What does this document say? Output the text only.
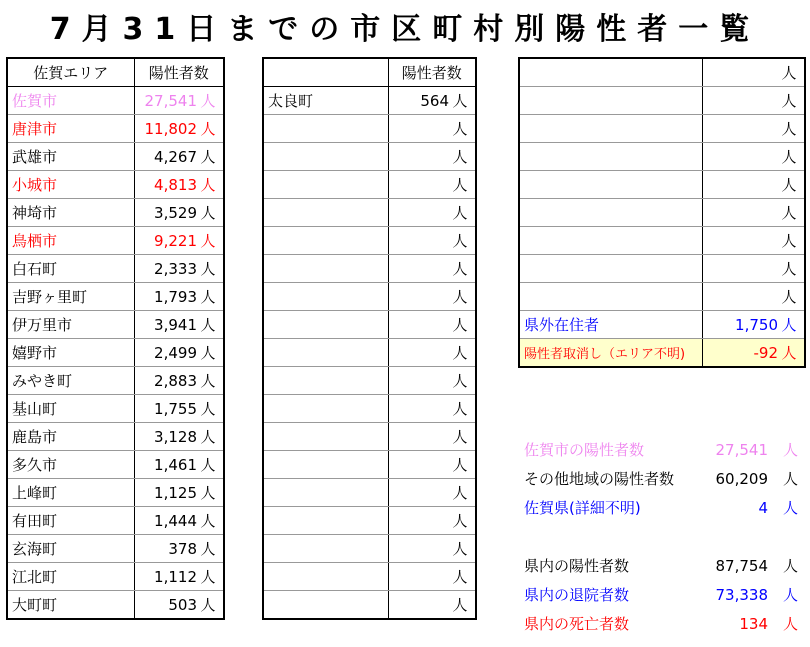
7月31日までの市区町村別陽性者一覧
佐賀エリア	陽性者数
佐賀市	27,541 人
唐津市	11,802 人
武雄市	4,267 人
小城市	4,813 人
神埼市	3,529 人
鳥栖市	9,221 人
白石町	2,333 人
吉野ヶ里町	1,793 人
伊万里市	3,941 人
嬉野市	2,499 人
みやき町	2,883 人
基山町	1,755 人
鹿島市	3,128 人
多久市	1,461 人
上峰町	1,125 人
有田町	1,444 人
玄海町	378 人
江北町	1,112 人
大町町	503 人
	陽性者数
太良町	564 人
	人
	人
	人
	人
	人
	人
	人
	人
	人
	人
	人
	人
	人
	人
	人
	人
	人
	人
	人
	人
	人
	人
	人
	人
	人
	人
	人
県外在住者	1,750 人
陽性者取消し（エリア不明)	-92 人
佐賀市の陽性者数	27,541 人
その他地域の陽性者数	60,209 人
佐賀県(詳細不明)	4 人
県内の陽性者数	87,754 人
県内の退院者数	73,338 人
県内の死亡者数	134 人
